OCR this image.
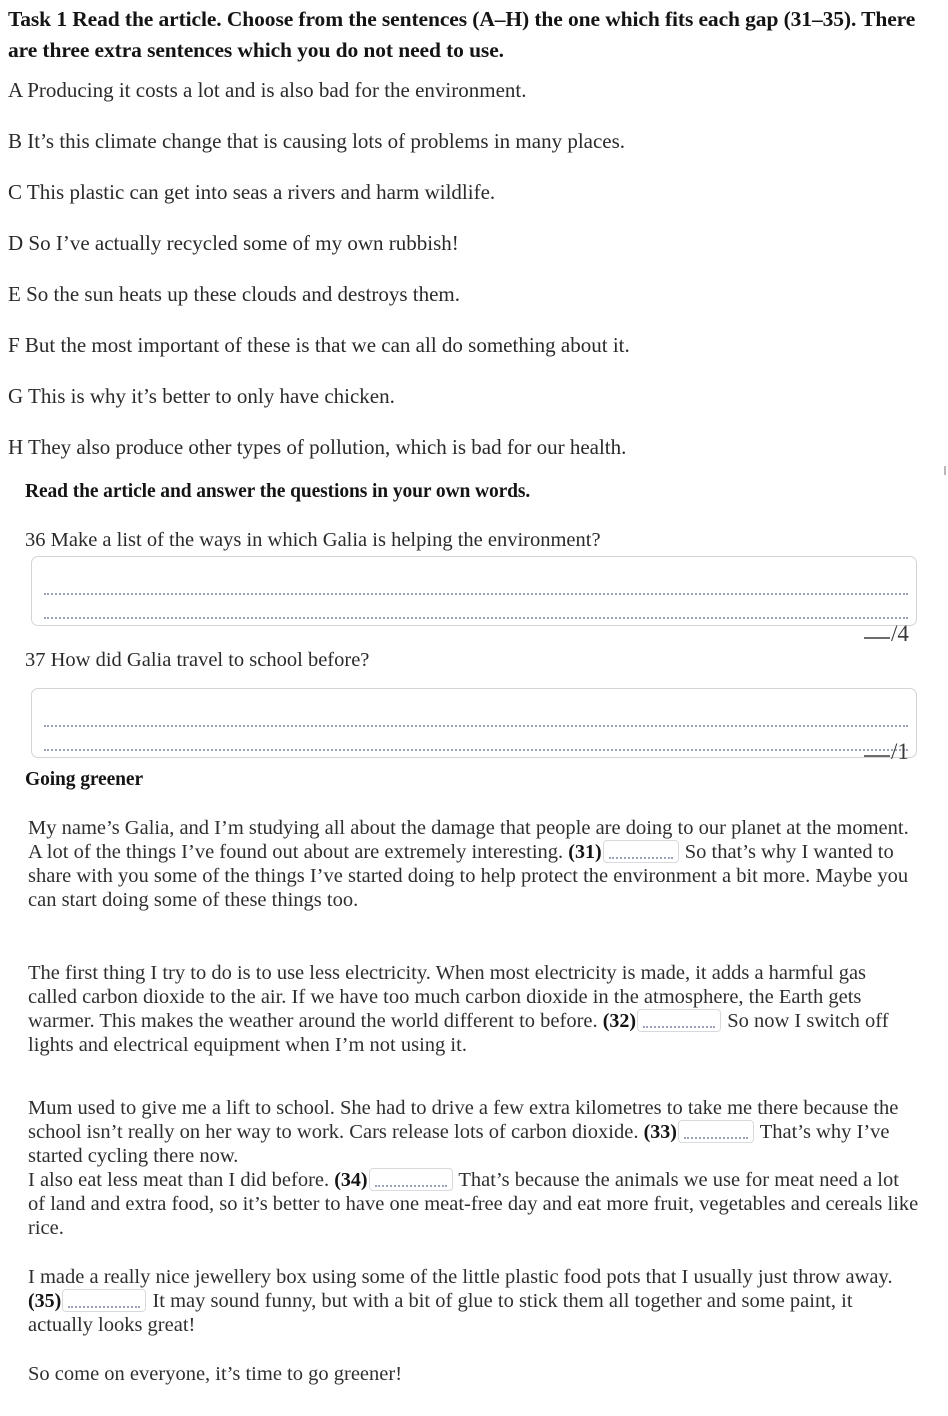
Task 1 Read the article. Choose from the sentences (A–H) the one which fits each gap (31–35). There are three extra sentences which you do not need to use.
A Producing it costs a lot and is also bad for the environment.
B It’s this climate change that is causing lots of problems in many places.
C This plastic can get into seas a rivers and harm wildlife.
D So I’ve actually recycled some of my own rubbish!
E So the sun heats up these clouds and destroys them.
F But the most important of these is that we can all do something about it.
G This is why it’s better to only have chicken.
H They also produce other types of pollution, which is bad for our health.
Read the article and answer the questions in your own words.
36 Make a list of the ways in which Galia is helping the environment?
/4
37 How did Galia travel to school before?
/1
Going greener
My name’s Galia, and I’m studying all about the damage that people are doing to our planet at the moment. A lot of the things I’ve found out about are extremely interesting. (31)	So that’s why I wanted to share with you some of the things I’ve started doing to help protect the environment a bit more. Maybe you can start doing some of these things too.
The first thing I try to do is to use less electricity. When most electricity is made, it adds a harmful gas called carbon dioxide to the air. If we have too much carbon dioxide in the atmosphere, the Earth gets warmer. This makes the weather around the world different to before. (32)	So now I switch off lights and electrical equipment when I’m not using it.
Mum used to give me a lift to school. She had to drive a few extra kilometres to take me there because the school isn’t really on her way to work. Cars release lots of carbon dioxide. (33)	That’s why I’ve started cycling there now.
I also eat less meat than I did before. (34)	That’s because the animals we use for meat need a lot of land and extra food, so it’s better to have one meat-free day and eat more fruit, vegetables and cereals like rice.
I made a really nice jewellery box using some of the little plastic food pots that I usually just throw away. (35)	It may sound funny, but with a bit of glue to stick them all together and some paint, it actually looks great!
So come on everyone, it’s time to go greener!
